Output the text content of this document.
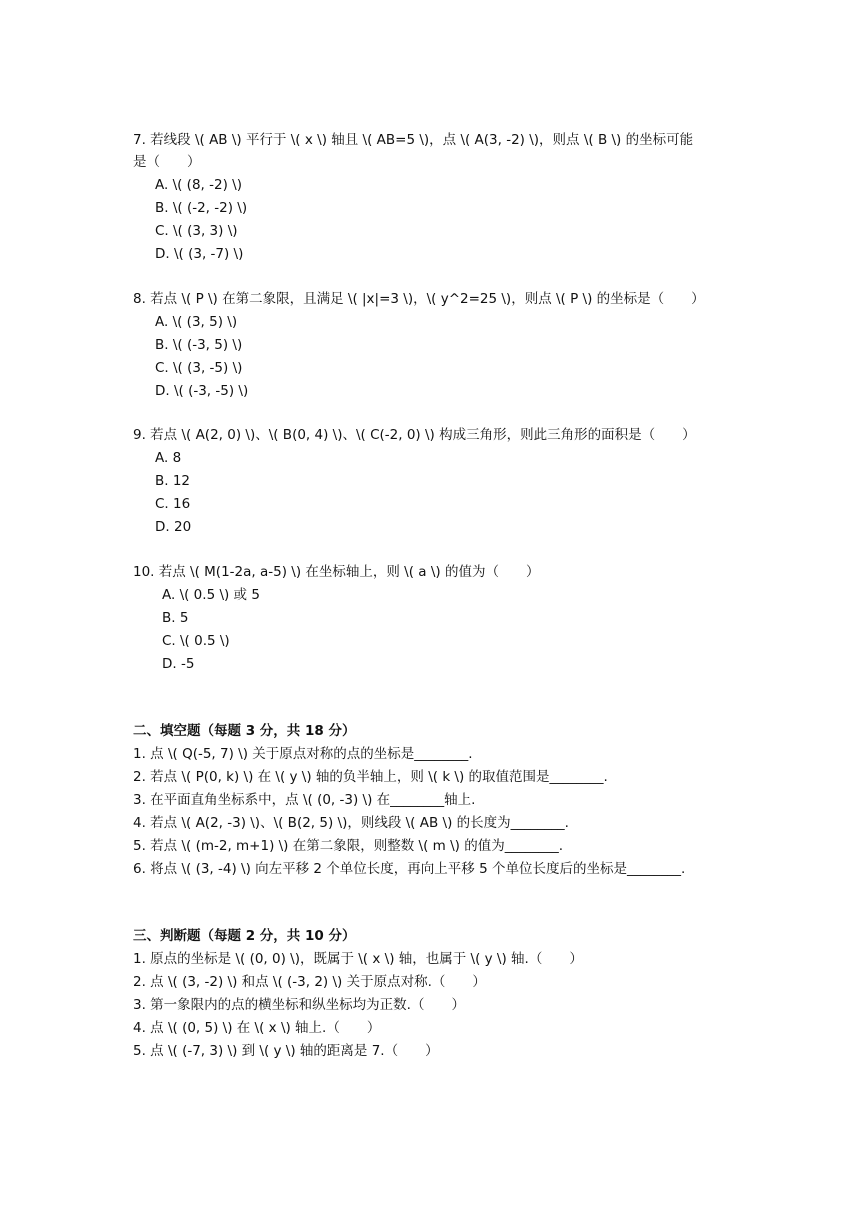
7. 若线段 \( AB \) 平行于 \( x \) 轴且 \( AB=5 \)，点 \( A(3, -2) \)，则点 \( B \) 的坐标可能
是（　　）
A. \( (8, -2) \)
B. \( (-2, -2) \)
C. \( (3, 3) \)
D. \( (3, -7) \)
8. 若点 \( P \) 在第二象限，且满足 \( |x|=3 \)，\( y^2=25 \)，则点 \( P \) 的坐标是（　　）
A. \( (3, 5) \)
B. \( (-3, 5) \)
C. \( (3, -5) \)
D. \( (-3, -5) \)
9. 若点 \( A(2, 0) \)、\( B(0, 4) \)、\( C(-2, 0) \) 构成三角形，则此三角形的面积是（　　）
A. 8
B. 12
C. 16
D. 20
10. 若点 \( M(1-2a, a-5) \) 在坐标轴上，则 \( a \) 的值为（　　）
A. \( 0.5 \) 或 5
B. 5
C. \( 0.5 \)
D. -5
二、填空题（每题 3 分，共 18 分）
1. 点 \( Q(-5, 7) \) 关于原点对称的点的坐标是________.
2. 若点 \( P(0, k) \) 在 \( y \) 轴的负半轴上，则 \( k \) 的取值范围是________.
3. 在平面直角坐标系中，点 \( (0, -3) \) 在________轴上.
4. 若点 \( A(2, -3) \)、\( B(2, 5) \)，则线段 \( AB \) 的长度为________.
5. 若点 \( (m-2, m+1) \) 在第二象限，则整数 \( m \) 的值为________.
6. 将点 \( (3, -4) \) 向左平移 2 个单位长度，再向上平移 5 个单位长度后的坐标是________.
三、判断题（每题 2 分，共 10 分）
1. 原点的坐标是 \( (0, 0) \)，既属于 \( x \) 轴，也属于 \( y \) 轴.（　　）
2. 点 \( (3, -2) \) 和点 \( (-3, 2) \) 关于原点对称.（　　）
3. 第一象限内的点的横坐标和纵坐标均为正数.（　　）
4. 点 \( (0, 5) \) 在 \( x \) 轴上.（　　）
5. 点 \( (-7, 3) \) 到 \( y \) 轴的距离是 7.（　　）
